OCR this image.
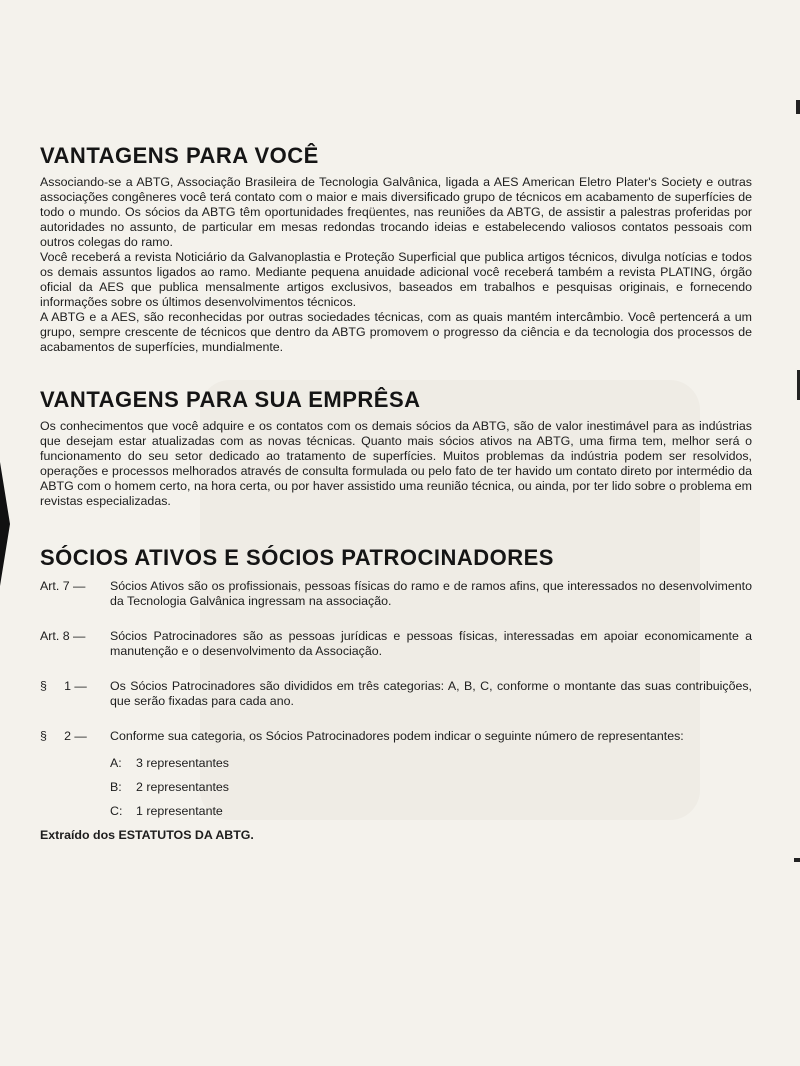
VANTAGENS PARA VOCÊ

Associando-se a ABTG, Associação Brasileira de Tecnologia Galvânica, ligada a AES American Eletro Plater's Society e outras associações congêneres você terá contato com o maior e mais diversificado grupo de técnicos em acabamento de superfícies de todo o mundo. Os sócios da ABTG têm oportunidades freqüentes, nas reuniões da ABTG, de assistir a palestras proferidas por autoridades no assunto, de particular em mesas redondas trocando ideias e estabelecendo valiosos contatos pessoais com outros colegas do ramo.

Você receberá a revista Noticiário da Galvanoplastia e Proteção Superficial que publica artigos técnicos, divulga notícias e todos os demais assuntos ligados ao ramo. Mediante pequena anuidade adicional você receberá também a revista PLATING, órgão oficial da AES que publica mensalmente artigos exclusivos, baseados em trabalhos e pesquisas originais, e fornecendo informações sobre os últimos desenvolvimentos técnicos.

A ABTG e a AES, são reconhecidas por outras sociedades técnicas, com as quais mantém intercâmbio. Você pertencerá a um grupo, sempre crescente de técnicos que dentro da ABTG promovem o progresso da ciência e da tecnologia dos processos de acabamentos de superfícies, mundialmente.

VANTAGENS PARA SUA EMPRÊSA

Os conhecimentos que você adquire e os contatos com os demais sócios da ABTG, são de valor inestimável para as indústrias que desejam estar atualizadas com as novas técnicas. Quanto mais sócios ativos na ABTG, uma firma tem, melhor será o funcionamento do seu setor dedicado ao tratamento de superfícies. Muitos problemas da indústria podem ser resolvidos, operações e processos melhorados através de consulta formulada ou pelo fato de ter havido um contato direto por intermédio da ABTG com o homem certo, na hora certa, ou por haver assistido uma reunião técnica, ou ainda, por ter lido sobre o problema em revistas especializadas.

SÓCIOS ATIVOS E SÓCIOS PATROCINADORES
Art. 7 —	Sócios Ativos são os profissionais, pessoas físicas do ramo e de ramos afins, que interessados no desenvolvimento da Tecnologia Galvânica ingressam na associação.
Art. 8 —	Sócios Patrocinadores são as pessoas jurídicas e pessoas físicas, interessadas em apoiar economicamente a manutenção e o desenvolvimento da Associação.
§     1 —	Os Sócios Patrocinadores são divididos em três categorias: A, B, C, conforme o montante das suas contribuições, que serão fixadas para cada ano.
§     2 —	Conforme sua categoria, os Sócios Patrocinadores podem indicar o seguinte número de representantes:
A: 3 representantes
B: 2 representantes
C: 1 representante
Extraído dos ESTATUTOS DA ABTG.
